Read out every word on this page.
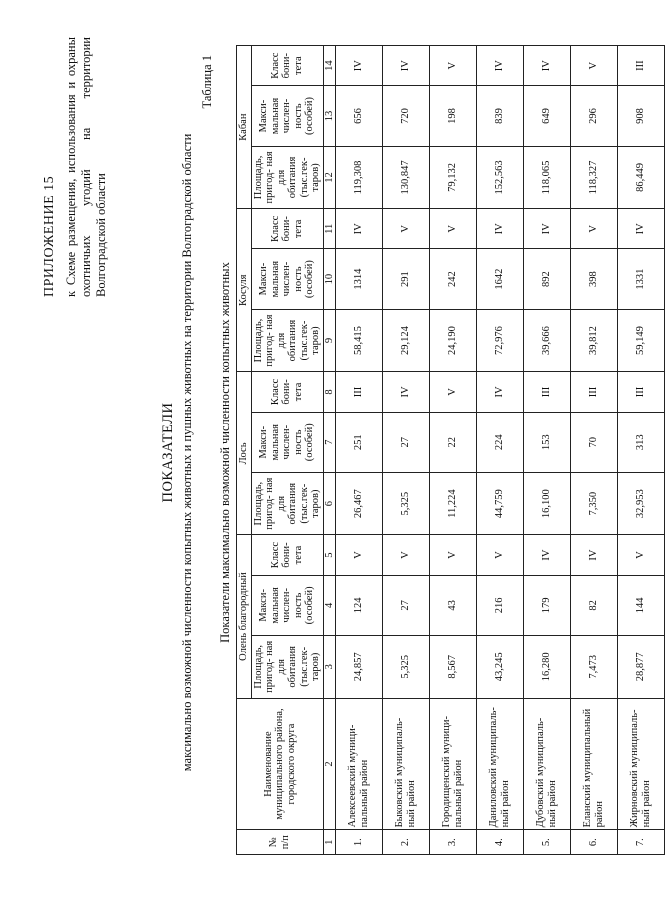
ПРИЛОЖЕНИЕ 15 к Схеме размещения, использования и охраны охотничьих угодий на территории Волгоградской области
ПОКАЗАТЕЛИ максимально возможной численности копытных животных и пушных животных на территории Волгоградской области
Таблица 1
Показатели максимально возможной численности копытных животных
№ п/п	Наименование муниципального района, городского округа	Олень благородный			Лось			Косуля			Кабан		
		Площадь, пригод- ная для обитания (тыс.гек- таров)	Макси- мальная числен- ность (особей)	Класс бони- тета	Площадь, пригод- ная для обитания (тыс.гек- таров)	Макси- мальная числен- ность (особей)	Класс бони- тета	Площадь, пригод- ная для обитания (тыс.гек- таров)	Макси- мальная числен- ность (особей)	Класс бони- тета	Площадь, пригод- ная для обитания (тыс.гек- таров)	Макси- мальная числен- ность (особей)	Класс бони- тета
1	2	3	4	5	6	7	8	9	10	11	12	13	14
1.	Алексеевский муници- пальный район	24,857	124	V	26,467	251	III	58,415	1314	IV	119,308	656	IV
2.	Быковский муниципаль- ный район	5,325	27	V	5,325	27	IV	29,124	291	V	130,847	720	IV
3.	Городищенский муници- пальный район	8,567	43	V	11,224	22	V	24,190	242	V	79,132	198	V
4.	Даниловский муниципаль- ный район	43,245	216	V	44,759	224	IV	72,976	1642	IV	152,563	839	IV
5.	Дубовский муниципаль- ный район	16,280	179	IV	16,100	153	III	39,666	892	IV	118,065	649	IV
6.	Еланский муниципальный район	7,473	82	IV	7,350	70	III	39,812	398	V	118,327	296	V
7.	Жирновский муниципаль- ный район	28,877	144	V	32,953	313	III	59,149	1331	IV	86,449	908	III
